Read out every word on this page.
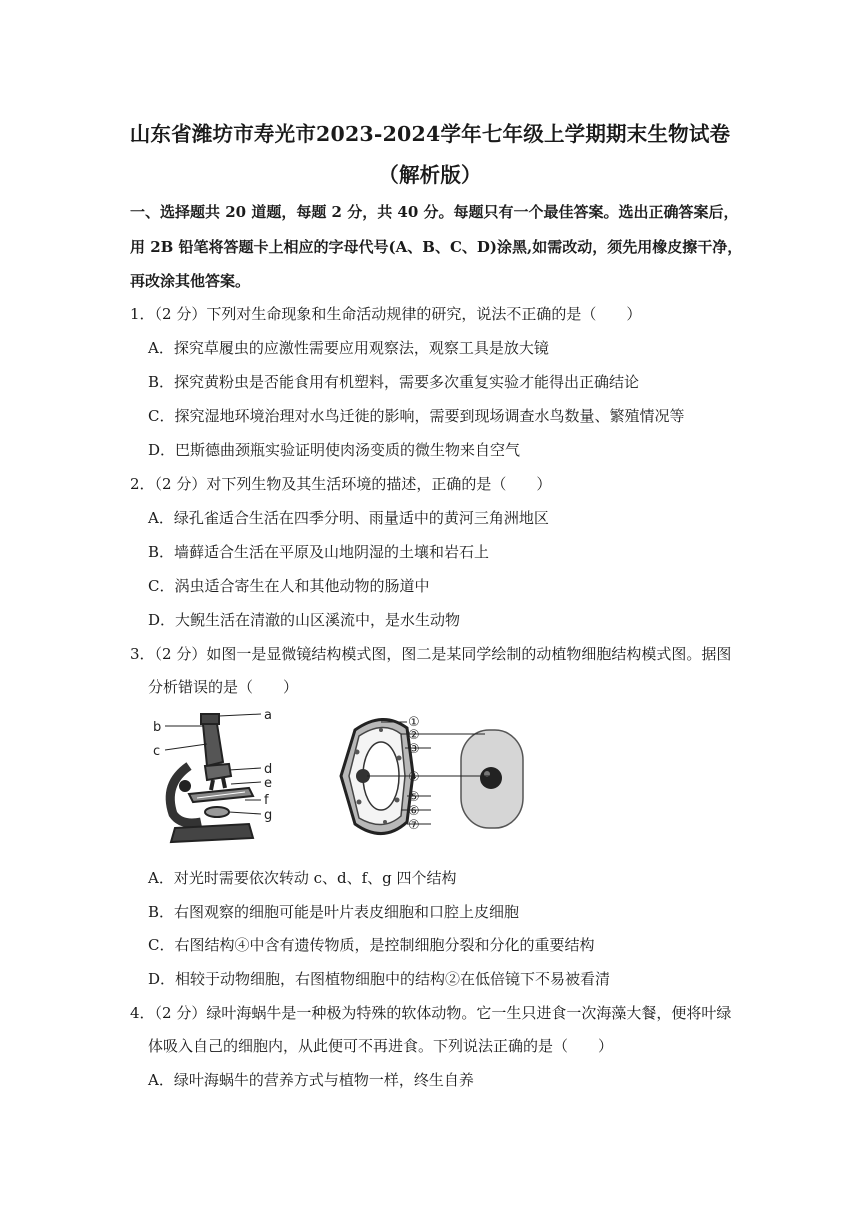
山东省潍坊市寿光市2023-2024学年七年级上学期期末生物试卷
（解析版）
一、选择题共 20 道题，每题 2 分，共 40 分。每题只有一个最佳答案。选出正确答案后，
用 2B 铅笔将答题卡上相应的字母代号(A、B、C、D)涂黑,如需改动，须先用橡皮擦干净，
再改涂其他答案。
1．（2 分）下列对生命现象和生命活动规律的研究，说法不正确的是（　　）
A．探究草履虫的应激性需要应用观察法，观察工具是放大镜
B．探究黄粉虫是否能食用有机塑料，需要多次重复实验才能得出正确结论
C．探究湿地环境治理对水鸟迁徙的影响，需要到现场调查水鸟数量、繁殖情况等
D．巴斯德曲颈瓶实验证明使肉汤变质的微生物来自空气
2．（2 分）对下列生物及其生活环境的描述，正确的是（　　）
A．绿孔雀适合生活在四季分明、雨量适中的黄河三角洲地区
B．墙藓适合生活在平原及山地阴湿的土壤和岩石上
C．涡虫适合寄生在人和其他动物的肠道中
D．大鲵生活在清澈的山区溪流中，是水生动物
3．（2 分）如图一是显微镜结构模式图，图二是某同学绘制的动植物细胞结构模式图。据图
分析错误的是（　　）
a
b
c
d
e
f
g
①
②
③
④
⑤
⑥
⑦
A．对光时需要依次转动 c、d、f、g 四个结构
B．右图观察的细胞可能是叶片表皮细胞和口腔上皮细胞
C．右图结构④中含有遗传物质，是控制细胞分裂和分化的重要结构
D．相较于动物细胞，右图植物细胞中的结构②在低倍镜下不易被看清
4．（2 分）绿叶海蜗牛是一种极为特殊的软体动物。它一生只进食一次海藻大餐，便将叶绿
体吸入自己的细胞内，从此便可不再进食。下列说法正确的是（　　）
A．绿叶海蜗牛的营养方式与植物一样，终生自养
